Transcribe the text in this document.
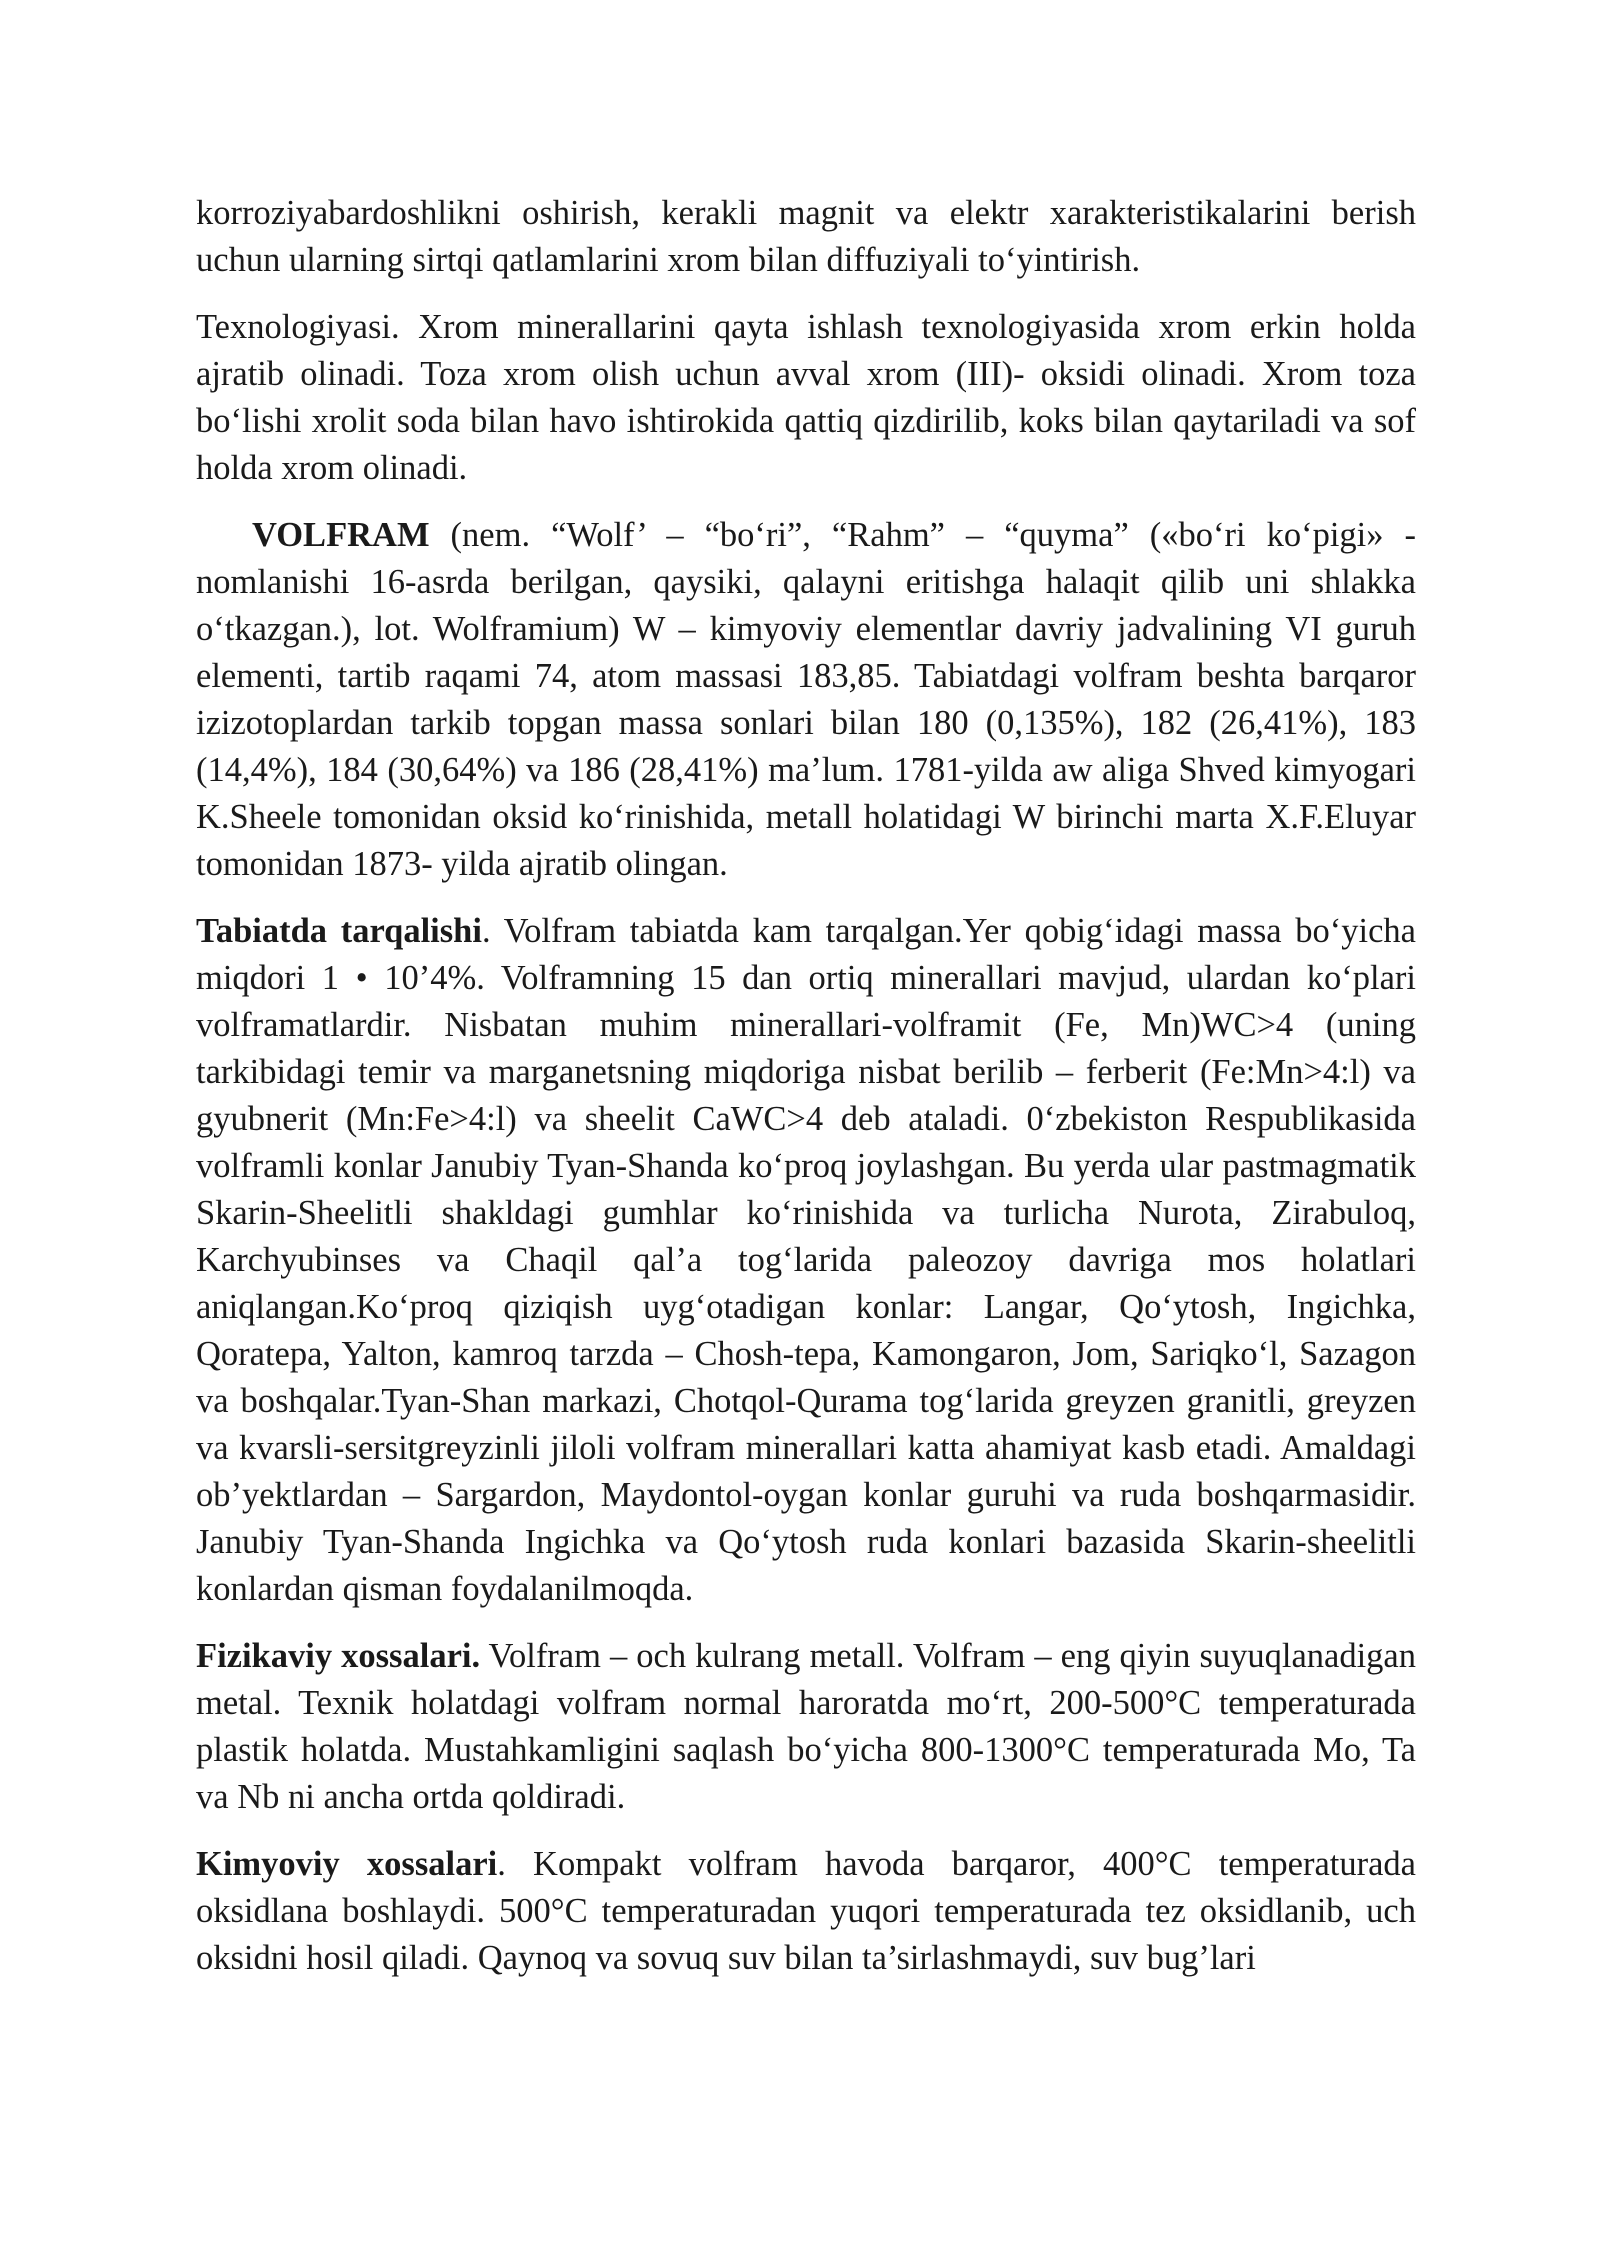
korroziyabardoshlikni oshirish, kerakli magnit va elektr xarakteristikalarini berish uchun ularning sirtqi qatlamlarini xrom bilan diffuziyali to‘yintirish.

Texnologiyasi. Xrom minerallarini qayta ishlash texnologiyasida xrom erkin holda ajratib olinadi. Toza xrom olish uchun avval xrom (III)- oksidi olinadi. Xrom toza bo‘lishi xrolit soda bilan havo ishtirokida qattiq qizdirilib, koks bilan qaytariladi va sof holda xrom olinadi.

VOLFRAM (nem. “Wolf’ – “bo‘ri”, “Rahm” – “quyma” («bo‘ri ko‘pigi» - nomlanishi 16-asrda berilgan, qaysiki, qalayni eritishga halaqit qilib uni shlakka o‘tkazgan.), lot. Wolframium) W – kimyoviy elementlar davriy jadvalining VI guruh elementi, tartib raqami 74, atom massasi 183,85. Tabiatdagi volfram beshta barqaror izizotoplardan tarkib topgan massa sonlari bilan 180 (0,135%), 182 (26,41%), 183 (14,4%), 184 (30,64%) va 186 (28,41%) ma’lum. 1781-yilda aw aliga Shved kimyogari K.Sheele tomonidan oksid ko‘rinishida, metall holatidagi W birinchi marta X.F.Eluyar tomonidan 1873- yilda ajratib olingan.

Tabiatda tarqalishi. Volfram tabiatda kam tarqalgan.Yer qobig‘idagi massa bo‘yicha miqdori 1 • 10’4%. Volframning 15 dan ortiq minerallari mavjud, ulardan ko‘plari volframatlardir. Nisbatan muhim minerallari-volframit (Fe, Mn)WC>4 (uning tarkibidagi temir va marganetsning miqdoriga nisbat berilib – ferberit (Fe:Mn>4:l) va gyubnerit (Mn:Fe>4:l) va sheelit CaWC>4 deb ataladi. 0‘zbekiston Respublikasida volframli konlar Janubiy Tyan-Shanda ko‘proq joylashgan. Bu yerda ular pastmagmatik Skarin-Sheelitli shakldagi gumhlar ko‘rinishida va turlicha Nurota, Zirabuloq, Karchyubinses va Chaqil qal’a tog‘larida paleozoy davriga mos holatlari aniqlangan.Ko‘proq qiziqish uyg‘otadigan konlar: Langar, Qo‘ytosh, Ingichka, Qoratepa, Yalton, kamroq tarzda – Chosh-tepa, Kamongaron, Jom, Sariqko‘l, Sazagon va boshqalar.Tyan-Shan markazi, Chotqol-Qurama tog‘larida greyzen granitli, greyzen va kvarsli-sersitgreyzinli jiloli volfram minerallari katta ahamiyat kasb etadi. Amaldagi ob’yektlardan – Sargardon, Maydontol-oygan konlar guruhi va ruda boshqarmasidir. Janubiy Tyan-Shanda Ingichka va Qo‘ytosh ruda konlari bazasida Skarin-sheelitli konlardan qisman foydalanilmoqda.

Fizikaviy xossalari. Volfram – och kulrang metall. Volfram – eng qiyin suyuqlanadigan metal. Texnik holatdagi volfram normal haroratda mo‘rt, 200-500°C temperaturada plastik holatda. Mustahkamligini saqlash bo‘yicha 800-1300°C temperaturada Mo, Ta va Nb ni ancha ortda qoldiradi.

Kimyoviy xossalari. Kompakt volfram havoda barqaror, 400°C temperaturada oksidlana boshlaydi. 500°C temperaturadan yuqori temperaturada tez oksidlanib, uch oksidni hosil qiladi. Qaynoq va sovuq suv bilan ta’sirlashmaydi, suv bug’lari
